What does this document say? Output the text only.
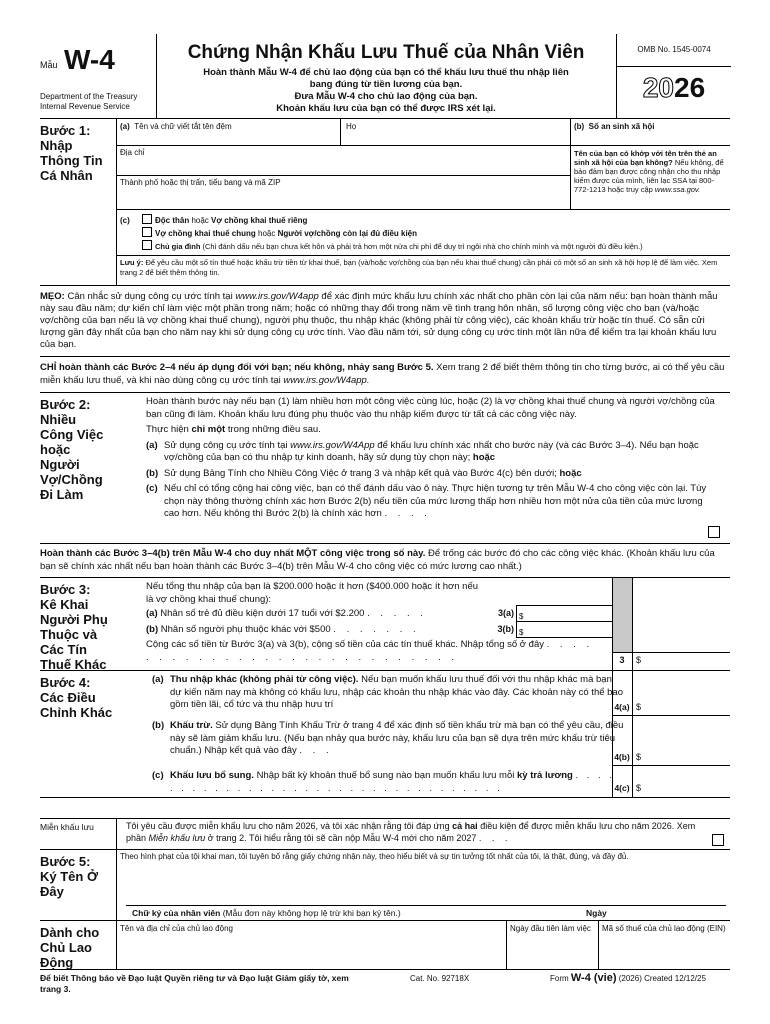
Mẫu W-4
Department of the Treasury
Internal Revenue Service
Chứng Nhận Khấu Lưu Thuế của Nhân Viên
Hoàn thành Mẫu W-4 để chủ lao động của bạn có thể khấu lưu thuế thu nhập liên
bang đúng từ tiền lương của bạn.
Đưa Mẫu W-4 cho chủ lao động của bạn.
Khoản khấu lưu của bạn có thể được IRS xét lại.
OMB No. 1545-0074
2026
Bước 1:
Nhập
Thông Tin
Cá Nhân
(a) Tên và chữ viết tắt tên đệm	Họ	(b) Số an sinh xã hội
Địa chỉ
Thành phố hoặc thị trấn, tiểu bang và mã ZIP
Tên của bạn có khớp với tên trên thẻ an sinh xã hội của bạn không? Nếu không, để bảo đảm bạn được công nhận cho thu nhập kiếm được của mình, liên lạc SSA tại 800-772-1213 hoặc truy cập www.ssa.gov.
(c)	Độc thân hoặc Vợ chồng khai thuế riêng
Vợ chồng khai thuế chung hoặc Người vợ/chồng còn lại đủ điều kiện
Chủ gia đình (Chỉ đánh dấu nếu bạn chưa kết hôn và phải trả hơn một nửa chi phí để duy trì ngôi nhà cho chính mình và một người đủ điều kiện.)
Lưu ý: Để yêu cầu một số tín thuế hoặc khấu trừ tiền từ khai thuế, bạn (và/hoặc vợ/chồng của bạn nếu khai thuế chung) cần phải có một số an sinh xã hội hợp lệ để làm việc. Xem trang 2 để biết thêm thông tin.
MẸO: Cân nhắc sử dụng công cụ ước tính tại www.irs.gov/W4app để xác định mức khấu lưu chính xác nhất cho phần còn lại của năm nếu: bạn hoàn thành mẫu này sau đầu năm; dự kiến chỉ làm việc một phần trong năm; hoặc có những thay đổi trong năm về tình trạng hôn nhân, số lượng công việc cho bạn (và/hoặc vợ/chồng của bạn nếu là vợ chồng khai thuế chung), người phụ thuộc, thu nhập khác (không phải từ công việc), các khoản khấu trừ hoặc tín thuế. Có sẵn cửi lượng gần đây nhất của bạn cho năm nay khi sử dụng công cụ ước tính. Vào đầu năm tới, sử dụng công cụ ước tính một lần nữa để kiểm tra lại khoản khấu lưu của bạn.
CHỈ hoàn thành các Bước 2–4 nếu áp dụng đối với bạn; nếu không, nhảy sang Bước 5. Xem trang 2 để biết thêm thông tin cho từng bước, ai có thể yêu cầu miễn khấu lưu thuế, và khi nào dùng công cụ ước tính tại www.irs.gov/W4app.
Bước 2:
Nhiều
Công Việc
hoặc
Người
Vợ/Chồng
Đi Làm
Hoàn thành bước này nếu bạn (1) làm nhiều hơn một công việc cùng lúc, hoặc (2) là vợ chồng khai thuế chung và người vợ/chồng của bạn cũng đi làm. Khoản khấu lưu đúng phụ thuộc vào thu nhập kiếm được từ tất cả các công việc này.
Thực hiện chỉ một trong những điều sau.
(a) Sử dụng công cụ ước tính tại www.irs.gov/W4App để khấu lưu chính xác nhất cho bước này (và các Bước 3–4). Nếu bạn hoặc vợ/chồng của bạn có thu nhập tự kinh doanh, hãy sử dụng tùy chọn này; hoặc
(b) Sử dụng Bảng Tính cho Nhiều Công Việc ở trang 3 và nhập kết quả vào Bước 4(c) bên dưới; hoặc
(c) Nếu chỉ có tổng cộng hai công việc, bạn có thể đánh dấu vào ô này. Thực hiện tương tự trên Mẫu W-4 cho công việc còn lại. Tùy chọn này thông thường chính xác hơn Bước 2(b) nếu tiền của mức lương thấp hơn nhiều hơn một nửa của tiền của mức lương cao hơn. Nếu không thì Bước 2(b) là chính xác hơn . . . .
Hoàn thành các Bước 3–4(b) trên Mẫu W-4 cho duy nhất MỘT công việc trong số này. Để trống các bước đó cho các công việc khác. (Khoản khấu lưu của bạn sẽ chính xác nhất nếu bạn hoàn thành các Bước 3–4(b) trên Mẫu W-4 cho công việc có mức lương cao nhất.)
Bước 3:
Kê Khai
Người Phụ
Thuộc và
Các Tín
Thuế Khác
Nếu tổng thu nhập của bạn là $200.000 hoặc ít hơn ($400.000 hoặc ít hơn nếu là vợ chồng khai thuế chung):
(a) Nhân số trẻ đủ điều kiện dưới 17 tuổi với $2.200 . . . . .	3(a) $
(b) Nhân số người phụ thuộc khác với $500 . . . . . . .	3(b) $
Cộng các số tiền từ Bước 3(a) và 3(b), cộng số tiền của các tín thuế khác. Nhập tổng số ở đây . . . . . . . . . . . . . . . . . . . . . . . . . . . .	3	$
Bước 4:
Các Điều
Chỉnh Khác
(a) Thu nhập khác (không phải từ công việc). Nếu bạn muốn khấu lưu thuế đối với thu nhập khác mà bạn dự kiến năm nay mà không có khấu lưu, nhập các khoản thu nhập khác vào đây. Các khoản này có thể bao gồm tiền lãi, cổ tức và thu nhập hưu trí	4(a) $
(b) Khấu trừ. Sử dụng Bảng Tính Khấu Trừ ở trang 4 để xác định số tiền khấu trừ mà bạn có thể yêu cầu, điều này sẽ làm giảm khấu lưu. (Nếu bạn nhảy qua bước này, khấu lưu của bạn sẽ dựa trên mức khấu trừ tiêu chuẩn.) Nhập kết quả vào đây . . .
4(b) $
(c) Khấu lưu bổ sung. Nhập bất kỳ khoản thuế bổ sung nào bạn muốn khấu lưu mỗi kỳ trả lương . . . . . . . . . . . . . . . . . . . . . . . . . . . . . . . . . .	4(c) $
Miễn khấu lưu	Tôi yêu cầu được miễn khấu lưu cho năm 2026, và tôi xác nhận rằng tôi đáp ứng cả hai điều kiện để được miễn khấu lưu cho năm 2026. Xem phần Miễn khấu lưu ở trang 2. Tôi hiểu rằng tôi sẽ cần nộp Mẫu W-4 mới cho năm 2027 . . .
Bước 5:
Ký Tên Ở
Đây
Theo hình phạt của tội khai man, tôi tuyên bố rằng giấy chứng nhận này, theo hiểu biết và sự tin tưởng tốt nhất của tôi, là thật, đúng, và đầy đủ.
Chữ ký của nhân viên (Mẫu đơn này không hợp lệ trừ khi bạn ký tên.)	Ngày
Dành cho
Chủ Lao
Động
Tên và địa chỉ của chủ lao động	Ngày đầu tiên làm việc	Mã số thuế của chủ lao động (EIN)
Để biết Thông báo về Đạo luật Quyền riêng tư và Đạo luật Giảm giấy tờ, xem trang 3.
Cat. No. 92718X	Form W-4 (vie) (2026) Created 12/12/25
